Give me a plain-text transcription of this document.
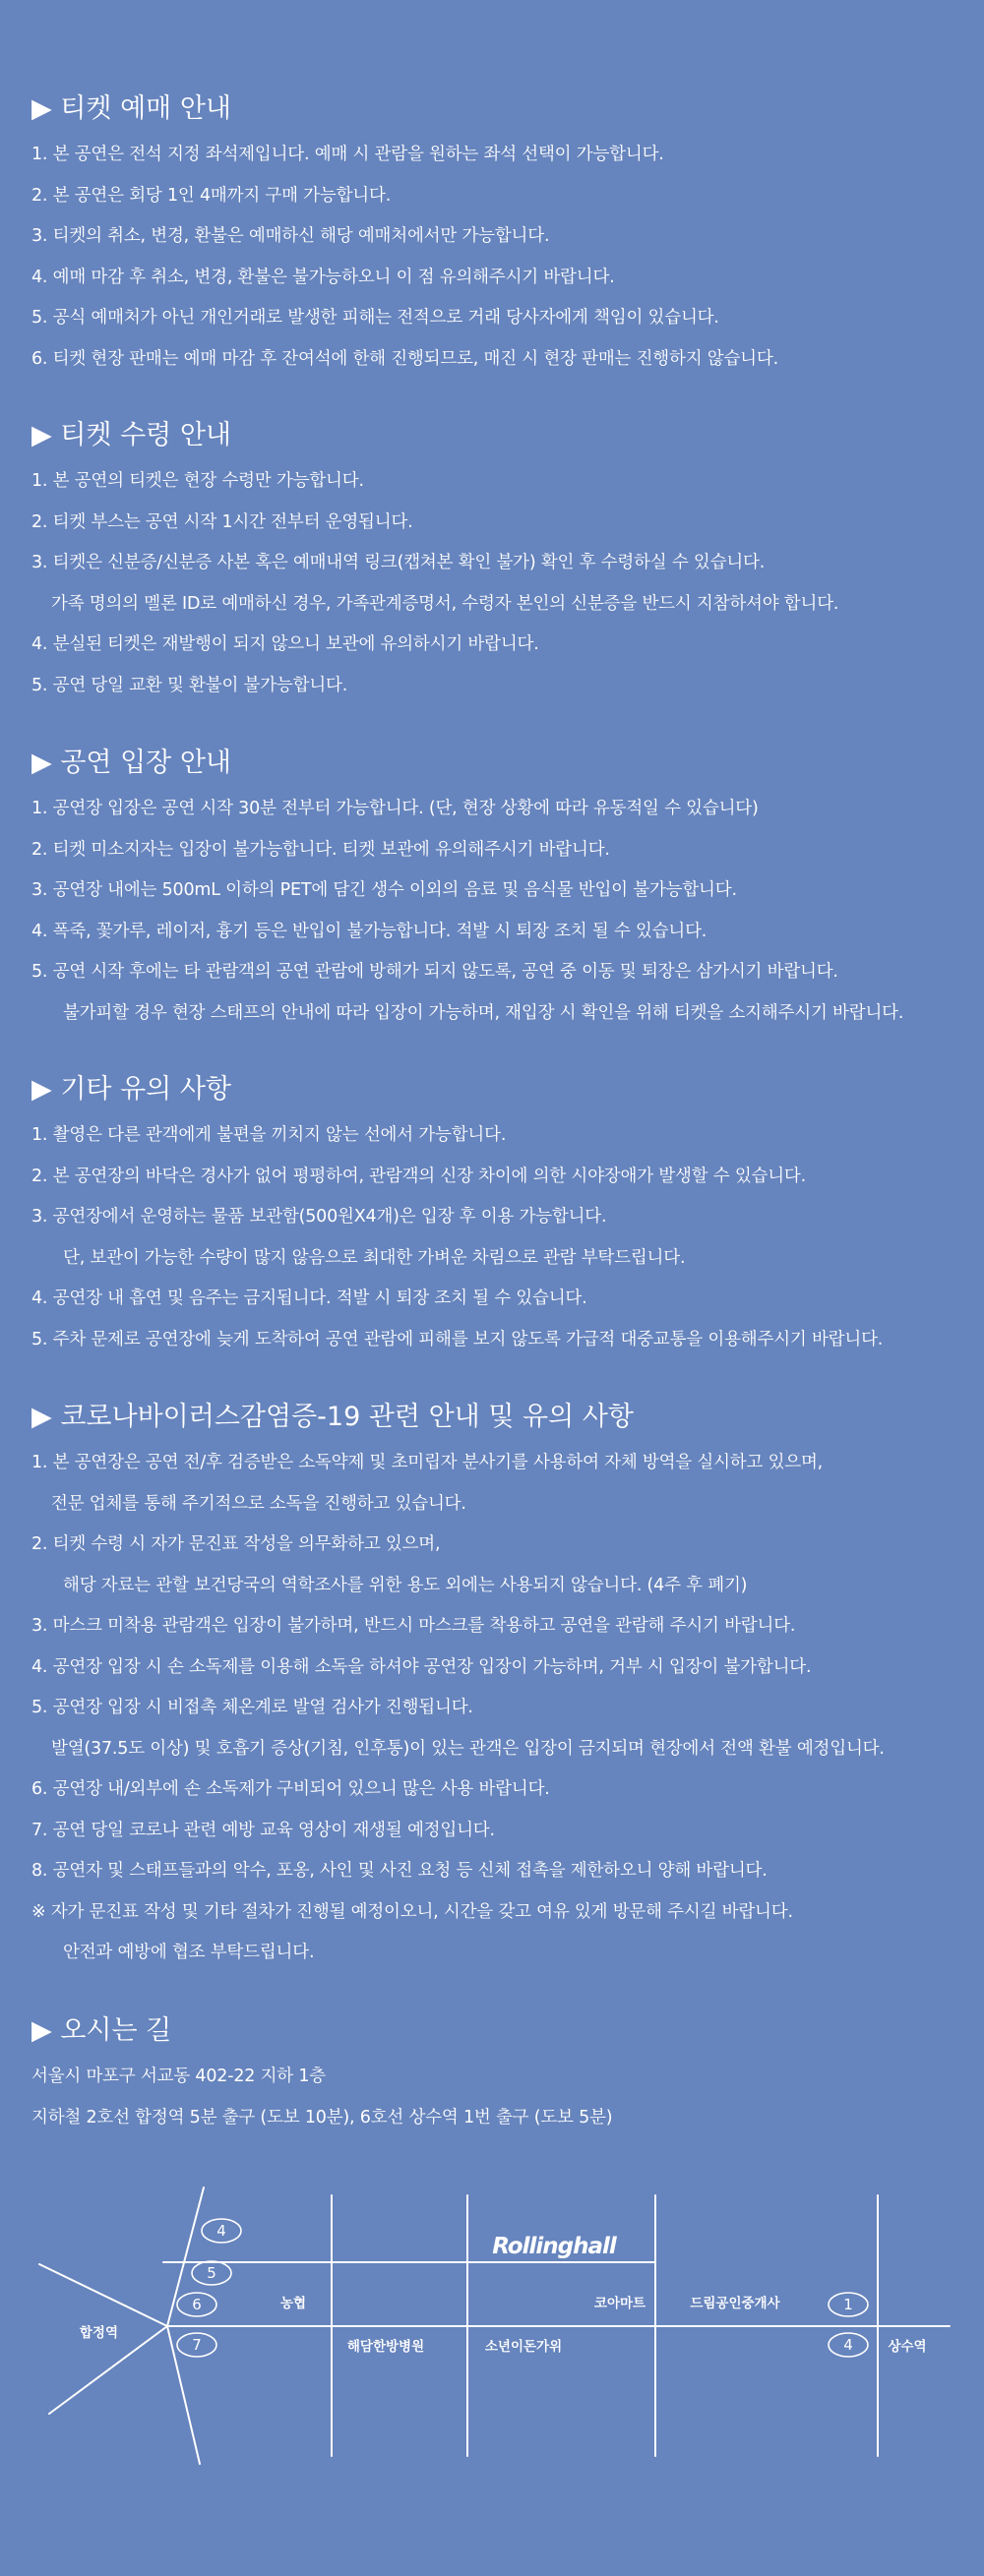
▶ 티켓 예매 안내
1. 본 공연은 전석 지정 좌석제입니다. 예매 시 관람을 원하는 좌석 선택이 가능합니다.
2. 본 공연은 회당 1인 4매까지 구매 가능합니다.
3. 티켓의 취소, 변경, 환불은 예매하신 해당 예매처에서만 가능합니다.
4. 예매 마감 후 취소, 변경, 환불은 불가능하오니 이 점 유의해주시기 바랍니다.
5. 공식 예매처가 아닌 개인거래로 발생한 피해는 전적으로 거래 당사자에게 책임이 있습니다.
6. 티켓 현장 판매는 예매 마감 후 잔여석에 한해 진행되므로, 매진 시 현장 판매는 진행하지 않습니다.
▶ 티켓 수령 안내
1. 본 공연의 티켓은 현장 수령만 가능합니다.
2. 티켓 부스는 공연 시작 1시간 전부터 운영됩니다.
3. 티켓은 신분증/신분증 사본 혹은 예매내역 링크(캡쳐본 확인 불가) 확인 후 수령하실 수 있습니다.
가족 명의의 멜론 ID로 예매하신 경우, 가족관계증명서, 수령자 본인의 신분증을 반드시 지참하셔야 합니다.
4. 분실된 티켓은 재발행이 되지 않으니 보관에 유의하시기 바랍니다.
5. 공연 당일 교환 및 환불이 불가능합니다.
▶ 공연 입장 안내
1. 공연장 입장은 공연 시작 30분 전부터 가능합니다. (단, 현장 상황에 따라 유동적일 수 있습니다)
2. 티켓 미소지자는 입장이 불가능합니다. 티켓 보관에 유의해주시기 바랍니다.
3. 공연장 내에는 500mL 이하의 PET에 담긴 생수 이외의 음료 및 음식물 반입이 불가능합니다.
4. 폭죽, 꽃가루, 레이저, 흉기 등은 반입이 불가능합니다. 적발 시 퇴장 조치 될 수 있습니다.
5. 공연 시작 후에는 타 관람객의 공연 관람에 방해가 되지 않도록, 공연 중 이동 및 퇴장은 삼가시기 바랍니다.
불가피할 경우 현장 스태프의 안내에 따라 입장이 가능하며, 재입장 시 확인을 위해 티켓을 소지해주시기 바랍니다.
▶ 기타 유의 사항
1. 촬영은 다른 관객에게 불편을 끼치지 않는 선에서 가능합니다.
2. 본 공연장의 바닥은 경사가 없어 평평하여, 관람객의 신장 차이에 의한 시야장애가 발생할 수 있습니다.
3. 공연장에서 운영하는 물품 보관함(500원X4개)은 입장 후 이용 가능합니다.
단, 보관이 가능한 수량이 많지 않음으로 최대한 가벼운 차림으로 관람 부탁드립니다.
4. 공연장 내 흡연 및 음주는 금지됩니다. 적발 시 퇴장 조치 될 수 있습니다.
5. 주차 문제로 공연장에 늦게 도착하여 공연 관람에 피해를 보지 않도록 가급적 대중교통을 이용해주시기 바랍니다.
▶ 코로나바이러스감염증-19 관련 안내 및 유의 사항
1. 본 공연장은 공연 전/후 검증받은 소독약제 및 초미립자 분사기를 사용하여 자체 방역을 실시하고 있으며,
전문 업체를 통해 주기적으로 소독을 진행하고 있습니다.
2. 티켓 수령 시 자가 문진표 작성을 의무화하고 있으며,
해당 자료는 관할 보건당국의 역학조사를 위한 용도 외에는 사용되지 않습니다. (4주 후 폐기)
3. 마스크 미착용 관람객은 입장이 불가하며, 반드시 마스크를 착용하고 공연을 관람해 주시기 바랍니다.
4. 공연장 입장 시 손 소독제를 이용해 소독을 하셔야 공연장 입장이 가능하며, 거부 시 입장이 불가합니다.
5. 공연장 입장 시 비접촉 체온계로 발열 검사가 진행됩니다.
발열(37.5도 이상) 및 호흡기 증상(기침, 인후통)이 있는 관객은 입장이 금지되며 현장에서 전액 환불 예정입니다.
6. 공연장 내/외부에 손 소독제가 구비되어 있으니 많은 사용 바랍니다.
7. 공연 당일 코로나 관련 예방 교육 영상이 재생될 예정입니다.
8. 공연자 및 스태프들과의 악수, 포옹, 사인 및 사진 요청 등 신체 접촉을 제한하오니 양해 바랍니다.
※ 자가 문진표 작성 및 기타 절차가 진행될 예정이오니, 시간을 갖고 여유 있게 방문해 주시길 바랍니다.
안전과 예방에 협조 부탁드립니다.
▶ 오시는 길
서울시 마포구 서교동 402-22 지하 1층
지하철 2호선 합정역 5분 출구 (도보 10분), 6호선 상수역 1번 출구 (도보 5분)
4
5
6
7
1
4
Rollinghall
합정역
농협
해담한방병원	소년이돈가위
코아마트	드림공인중개사
상수역
